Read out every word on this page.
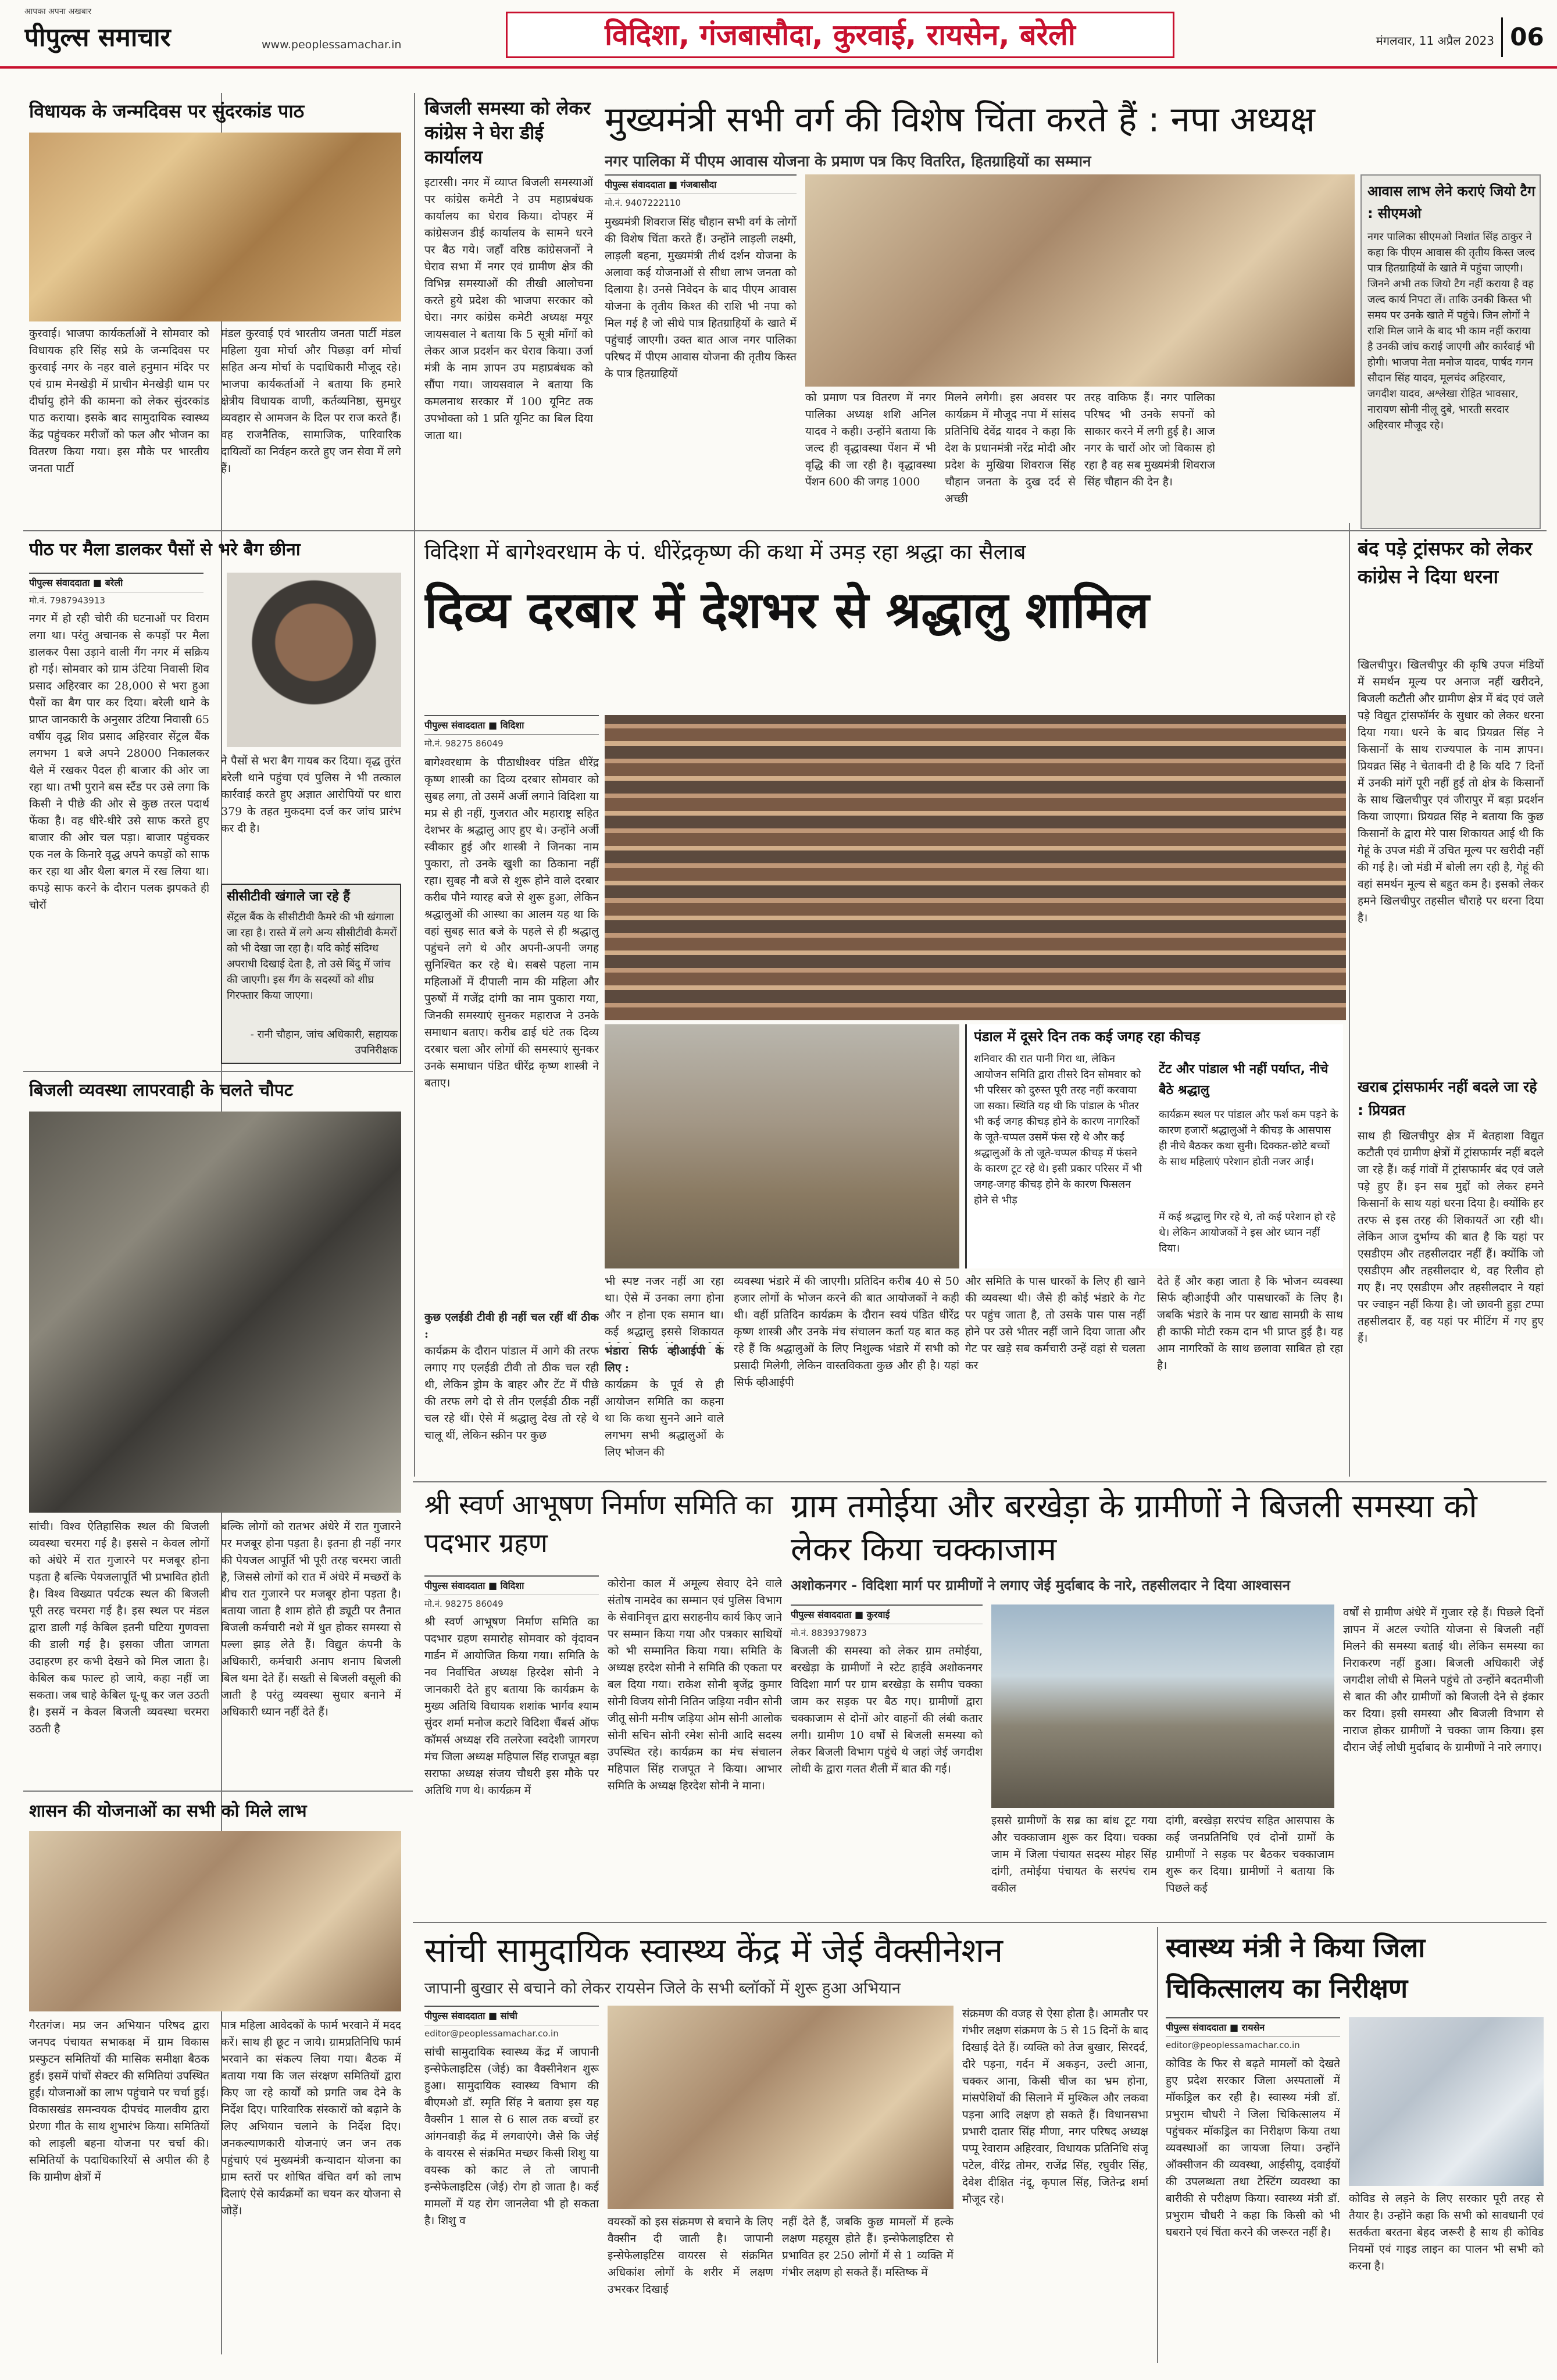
आपका अपना अखबार
पीपुल्स समाचार	www.peoplessamachar.in	विदिशा, गंजबासौदा, कुरवाई, रायसेन, बरेली	मंगलवार, 11 अप्रैल 2023 06
विधायक के जन्मदिवस पर सुंदरकांड पाठ
कुरवाई। भाजपा कार्यकर्ताओं ने सोमवार को विधायक हरि सिंह सप्रे के जन्मदिवस पर कुरवाई नगर के नहर वाले हनुमान मंदिर पर एवं ग्राम मेनखेड़ी में प्राचीन मेनखेड़ी धाम पर दीर्घायु होने की कामना को लेकर सुंदरकांड पाठ कराया। इसके बाद सामुदायिक स्वास्थ्य केंद्र पहुंचकर मरीजों को फल और भोजन का वितरण किया गया। इस मौके पर भारतीय जनता पार्टी
मंडल कुरवाई एवं भारतीय जनता पार्टी मंडल महिला युवा मोर्चा और पिछड़ा वर्ग मोर्चा सहित अन्य मोर्चा के पदाधिकारी मौजूद रहे। भाजपा कार्यकर्ताओं ने बताया कि हमारे क्षेत्रीय विधायक वाणी, कर्तव्यनिष्ठा, सुमधुर व्यवहार से आमजन के दिल पर राज करते हैं। वह राजनैतिक, सामाजिक, पारिवारिक दायित्वों का निर्वहन करते हुए जन सेवा में लगे हैं।
बिजली समस्या को लेकर कांग्रेस ने घेरा डीई कार्यालय
इटारसी। नगर में व्याप्त बिजली समस्याओं पर कांग्रेस कमेटी ने उप महाप्रबंधक कार्यालय का घेराव किया। दोपहर में कांग्रेसजन डीई कार्यालय के सामने धरने पर बैठ गये। जहाँ वरिष्ठ कांग्रेसजनों ने घेराव सभा में नगर एवं ग्रामीण क्षेत्र की विभिन्न समस्याओं की तीखी आलोचना करते हुये प्रदेश की भाजपा सरकार को घेरा। नगर कांग्रेस कमेटी अध्यक्ष मयूर जायसवाल ने बताया कि 5 सूत्री माँगों को लेकर आज प्रदर्शन कर घेराव किया। उर्जा मंत्री के नाम ज्ञापन उप महाप्रबंधक को सौंपा गया। जायसवाल ने बताया कि कमलनाथ सरकार में 100 यूनिट तक उपभोक्ता को 1 प्रति यूनिट का बिल दिया जाता था।
मुख्यमंत्री सभी वर्ग की विशेष चिंता करते हैं : नपा अध्यक्ष
नगर पालिका में पीएम आवास योजना के प्रमाण पत्र किए वितरित, हितग्राहियों का सम्मान
पीपुल्स संवाददाता ■ गंजबासौदा
मो.नं. 9407222110
मुख्यमंत्री शिवराज सिंह चौहान सभी वर्ग के लोगों की विशेष चिंता करते हैं। उन्होंने लाड़ली लक्ष्मी, लाड़ली बहना, मुख्यमंत्री तीर्थ दर्शन योजना के अलावा कई योजनाओं से सीधा लाभ जनता को दिलाया है। उनसे निवेदन के बाद पीएम आवास योजना के तृतीय किश्त की राशि भी नपा को मिल गई है जो सीधे पात्र हितग्राहियों के खाते में पहुंचाई जाएगी। उक्त बात आज नगर पालिका परिषद में पीएम आवास योजना की तृतीय किस्त के पात्र हितग्राहियों
को प्रमाण पत्र वितरण में नगर पालिका अध्यक्ष शशि अनिल यादव ने कही। उन्होंने बताया कि जल्द ही वृद्धावस्था पेंशन में भी वृद्धि की जा रही है। वृद्धावस्था पेंशन 600 की जगह 1000
मिलने लगेगी। इस अवसर पर कार्यक्रम में मौजूद नपा में सांसद प्रतिनिधि देवेंद्र यादव ने कहा कि देश के प्रधानमंत्री नरेंद्र मोदी और प्रदेश के मुखिया शिवराज सिंह चौहान जनता के दुख दर्द से अच्छी
तरह वाकिफ हैं। नगर पालिका परिषद भी उनके सपनों को साकार करने में लगी हुई है। आज नगर के चारों ओर जो विकास हो रहा है वह सब मुख्यमंत्री शिवराज सिंह चौहान की देन है।
आवास लाभ लेने कराएं जियो टैग : सीएमओ
नगर पालिका सीएमओ निशांत सिंह ठाकुर ने कहा कि पीएम आवास की तृतीय किस्त जल्द पात्र हितग्राहियों के खाते में पहुंचा जाएगी। जिनने अभी तक जियो टैग नहीं कराया है वह जल्द कार्य निपटा लें। ताकि उनकी किस्त भी समय पर उनके खाते में पहुंचे। जिन लोगों ने राशि मिल जाने के बाद भी काम नहीं कराया है उनकी जांच कराई जाएगी और कार्रवाई भी होगी। भाजपा नेता मनोज यादव, पार्षद गगन सौदान सिंह यादव, मूलचंद अहिरवार, जगदीश यादव, अश्लेखा रोहित भावसार, नारायण सोनी नीलू दुबे, भारती सरदार अहिरवार मौजूद रहे।
पीठ पर मैला डालकर पैसों से भरे बैग छीना
पीपुल्स संवाददाता ■ बरेली
मो.नं. 7987943913
नगर में हो रही चोरी की घटनाओं पर विराम लगा था। परंतु अचानक से कपड़ों पर मैला डालकर पैसा उड़ाने वाली गैंग नगर में सक्रिय हो गई। सोमवार को ग्राम उंटिया निवासी शिव प्रसाद अहिरवार का 28,000 से भरा हुआ पैसों का बैग पार कर दिया। बरेली थाने के प्राप्त जानकारी के अनुसार उंटिया निवासी 65 वर्षीय वृद्ध शिव प्रसाद अहिरवार सेंट्रल बैंक लगभग 1 बजे अपने 28000 निकालकर थैले में रखकर पैदल ही बाजार की ओर जा रहा था। तभी पुराने बस स्टैंड पर उसे लगा कि किसी ने पीछे की ओर से कुछ तरल पदार्थ फेंका है। वह धीरे-धीरे उसे साफ करते हुए बाजार की ओर चल पड़ा। बाजार पहुंचकर एक नल के किनारे वृद्ध अपने कपड़ों को साफ कर रहा था और थैला बगल में रख लिया था। कपड़े साफ करने के दौरान पलक झपकते ही चोरों
ने पैसों से भरा बैग गायब कर दिया। वृद्ध तुरंत बरेली थाने पहुंचा एवं पुलिस ने भी तत्काल कार्रवाई करते हुए अज्ञात आरोपियों पर धारा 379 के तहत मुकदमा दर्ज कर जांच प्रारंभ कर दी है।
सीसीटीवी खंगाले जा रहे हैं
सेंट्रल बैंक के सीसीटीवी कैमरे की भी खंगाला जा रहा है। रास्ते में लगे अन्य सीसीटीवी कैमरों को भी देखा जा रहा है। यदि कोई संदिग्ध अपराधी दिखाई देता है, तो उसे बिंदु में जांच की जाएगी। इस गैंग के सदस्यों को शीघ्र गिरफ्तार किया जाएगा।
- रानी चौहान, जांच अधिकारी, सहायक उपनिरीक्षक
बिजली व्यवस्था लापरवाही के चलते चौपट
सांची। विश्व ऐतिहासिक स्थल की बिजली व्यवस्था चरमरा गई है। इससे न केवल लोगों को अंधेरे में रात गुजारने पर मजबूर होना पड़ता है बल्कि पेयजलापूर्ति भी प्रभावित होती है। विश्व विख्यात पर्यटक स्थल की बिजली पूरी तरह चरमरा गई है। इस स्थल पर मंडल द्वारा डाली गई केबिल इतनी घटिया गुणवत्ता की डाली गई है। इसका जीता जागता उदाहरण हर कभी देखने को मिल जाता है। केबिल कब फाल्ट हो जाये, कहा नहीं जा सकता। जब चाहे केबिल धू-धू कर जल उठती है। इसमें न केवल बिजली व्यवस्था चरमरा उठती है
बल्कि लोगों को रातभर अंधेरे में रात गुजारने पर मजबूर होना पड़ता है। इतना ही नहीं नगर की पेयजल आपूर्ति भी पूरी तरह चरमरा जाती है, जिससे लोगों को रात में अंधेरे में मच्छरों के बीच रात गुजारने पर मजबूर होना पड़ता है। बताया जाता है शाम होते ही ड्यूटी पर तैनात बिजली कर्मचारी नशे में धुत होकर समस्या से पल्ला झाड़ लेते हैं। विद्युत कंपनी के अधिकारी, कर्मचारी अनाप शनाप बिजली बिल थमा देते हैं। सख्ती से बिजली वसूली की जाती है परंतु व्यवस्था सुधार बनाने में अधिकारी ध्यान नहीं देते हैं।
शासन की योजनाओं का सभी को मिले लाभ
गैरतगंज। मप्र जन अभियान परिषद द्वारा जनपद पंचायत सभाकक्ष में ग्राम विकास प्रस्फुटन समितियों की मासिक समीक्षा बैठक हुई। इसमें पांचों सेक्टर की समितियां उपस्थित हुईं। योजनाओं का लाभ पहुंचाने पर चर्चा हुई। विकासखंड समन्वयक दीपचंद मालवीय द्वारा प्रेरणा गीत के साथ शुभारंभ किया। समितियों को लाड़ली बहना योजना पर चर्चा की। समितियों के पदाधिकारियों से अपील की है कि ग्रामीण क्षेत्रों में
पात्र महिला आवेदकों के फार्म भरवाने में मदद करें। साथ ही छूट न जाये। ग्रामप्रतिनिधि फार्म भरवाने का संकल्प लिया गया। बैठक में बताया गया कि जल संरक्षण समितियों द्वारा किए जा रहे कार्यों को प्रगति जब देने के निर्देश दिए। पारिवारिक संस्कारों को बढ़ाने के लिए अभियान चलाने के निर्देश दिए। जनकल्याणकारी योजनाएं जन जन तक पहुंचाएं एवं मुख्यमंत्री कन्यादान योजना का ग्राम स्तरों पर शोषित वंचित वर्ग को लाभ दिलाएं ऐसे कार्यक्रमों का चयन कर योजना से जोड़ें।
विदिशा में बागेश्वरधाम के पं. धीरेंद्रकृष्ण की कथा में उमड़ रहा श्रद्धा का सैलाब
दिव्य दरबार में देशभर से श्रद्धालु शामिल
पीपुल्स संवाददाता ■ विदिशा
मो.नं. 98275 86049
बागेश्वरधाम के पीठाधीश्वर पंडित धीरेंद्र कृष्ण शास्त्री का दिव्य दरबार सोमवार को सुबह लगा, तो उसमें अर्जी लगाने विदिशा या मप्र से ही नहीं, गुजरात और महाराष्ट्र सहित देशभर के श्रद्धालु आए हुए थे। उन्होंने अर्जी स्वीकार हुई और शास्त्री ने जिनका नाम पुकारा, तो उनके खुशी का ठिकाना नहीं रहा। सुबह नौ बजे से शुरू होने वाले दरबार करीब पौने ग्यारह बजे से शुरू हुआ, लेकिन श्रद्धालुओं की आस्था का आलम यह था कि वहां सुबह सात बजे के पहले से ही श्रद्धालु पहुंचने लगे थे और अपनी-अपनी जगह सुनिश्चित कर रहे थे। सबसे पहला नाम महिलाओं में दीपाली नाम की महिला और पुरुषों में गजेंद्र दांगी का नाम पुकारा गया, जिनकी समस्याएं सुनकर महाराज ने उनके समाधान बताए। करीब ढाई घंटे तक दिव्य दरबार चला और लोगों की समस्याएं सुनकर उनके समाधान पंडित धीरेंद्र कृष्ण शास्त्री ने बताए।
कुछ एलईडी टीवी ही नहीं चल रहीं थीं ठीक :
कार्यक्रम के दौरान पांडाल में आगे की तरफ लगाए गए एलईडी टीवी तो ठीक चल रही थी, लेकिन ड्रोम के बाहर और टेंट में पीछे की तरफ लगे दो से तीन एलईडी ठीक नहीं चल रहे थीं। ऐसे में श्रद्धालु देख तो रहे थे चालू थीं, लेकिन स्क्रीन पर कुछ
भी स्पष्ट नजर नहीं आ रहा था। ऐसे में उनका लगा होना और न होना एक समान था। कई श्रद्धालु इससे शिकायत
भंडारा सिर्फ व्हीआईपी के लिए :
कार्यक्रम के पूर्व से ही आयोजन समिति का कहना था कि कथा सुनने आने वाले लगभग सभी श्रद्धालुओं के लिए भोजन की
व्यवस्था भंडारे में की जाएगी। प्रतिदिन करीब 40 से 50 हजार लोगों के भोजन करने की बात आयोजकों ने कही थी। वहीं प्रतिदिन कार्यक्रम के दौरान स्वयं पंडित धीरेंद्र कृष्ण शास्त्री और उनके मंच संचालन कर्ता यह बात कह रहे हैं कि श्रद्धालुओं के लिए निशुल्क भंडारे में सभी को प्रसादी मिलेगी, लेकिन वास्तविकता कुछ और ही है। यहां सिर्फ व्हीआईपी
और समिति के पास धारकों के लिए ही खाने की व्यवस्था थी। जैसे ही कोई भंडारे के गेट पर पहुंच जाता है, तो उसके पास पास नहीं होने पर उसे भीतर नहीं जाने दिया जाता और गेट पर खड़े सब कर्मचारी उन्हें वहां से चलता कर
देते हैं और कहा जाता है कि भोजन व्यवस्था सिर्फ व्हीआईपी और पासधारकों के लिए है। जबकि भंडारे के नाम पर खाद्य सामग्री के साथ ही काफी मोटी रकम दान भी प्राप्त हुई है। यह आम नागरिकों के साथ छलावा साबित हो रहा है।
पंडाल में दूसरे दिन तक कई जगह रहा कीचड़
शनिवार की रात पानी गिरा था, लेकिन आयोजन समिति द्वारा तीसरे दिन सोमवार को भी परिसर को दुरुस्त पूरी तरह नहीं करवाया जा सका। स्थिति यह थी कि पांडाल के भीतर भी कई जगह कीचड़ होने के कारण नागरिकों के जूते-चप्पल उसमें फंस रहे थे और कई श्रद्धालुओं के तो जूते-चप्पल कीचड़ में फंसने के कारण टूट रहे थे। इसी प्रकार परिसर में भी जगह-जगह कीचड़ होने के कारण फिसलन होने से भीड़
टेंट और पांडाल भी नहीं पर्याप्त, नीचे बैठे श्रद्धालु
कार्यक्रम स्थल पर पांडाल और फर्श कम पड़ने के कारण हजारों श्रद्धालुओं ने कीचड़ के आसपास ही नीचे बैठकर कथा सुनी। दिक्कत-छोटे बच्चों के साथ महिलाएं परेशान होती नजर आईं।
में कई श्रद्धालु गिर रहे थे, तो कई परेशान हो रहे थे। लेकिन आयोजकों ने इस ओर ध्यान नहीं दिया।
बंद पड़े ट्रांसफर को लेकर कांग्रेस ने दिया धरना
खिलचीपुर। खिलचीपुर की कृषि उपज मंडियों में समर्थन मूल्य पर अनाज नहीं खरीदने, बिजली कटौती और ग्रामीण क्षेत्र में बंद एवं जले पड़े विद्युत ट्रांसफॉर्मर के सुधार को लेकर धरना दिया गया। धरने के बाद प्रियव्रत सिंह ने किसानों के साथ राज्यपाल के नाम ज्ञापन। प्रियव्रत सिंह ने चेतावनी दी है कि यदि 7 दिनों में उनकी मांगें पूरी नहीं हुई तो क्षेत्र के किसानों के साथ खिलचीपुर एवं जीरापुर में बड़ा प्रदर्शन किया जाएगा। प्रियव्रत सिंह ने बताया कि कुछ किसानों के द्वारा मेरे पास शिकायत आई थी कि गेहूं के उपज मंडी में उचित मूल्य पर खरीदी नहीं की गई है। जो मंडी में बोली लग रही है, गेहूं की वहां समर्थन मूल्य से बहुत कम है। इसको लेकर हमने खिलचीपुर तहसील चौराहे पर धरना दिया है।
खराब ट्रांसफार्मर नहीं बदले जा रहे : प्रियव्रत
साथ ही खिलचीपुर क्षेत्र में बेतहाशा विद्युत कटौती एवं ग्रामीण क्षेत्रों में ट्रांसफार्मर नहीं बदले जा रहे हैं। कई गांवों में ट्रांसफार्मर बंद एवं जले पड़े हुए हैं। इन सब मुद्दों को लेकर हमने किसानों के साथ यहां धरना दिया है। क्योंकि हर तरफ से इस तरह की शिकायतें आ रही थी। लेकिन आज दुर्भाग्य की बात है कि यहां पर एसडीएम और तहसीलदार नहीं हैं। क्योंकि जो एसडीएम और तहसीलदार थे, वह रिलीव हो गए हैं। नए एसडीएम और तहसीलदार ने यहां पर ज्वाइन नहीं किया है। जो छावनी हुड़ा टप्पा तहसीलदार हैं, वह यहां पर मीटिंग में गए हुए हैं।
श्री स्वर्ण आभूषण निर्माण समिति का पदभार ग्रहण
पीपुल्स संवाददाता ■ विदिशा
मो.नं. 98275 86049
श्री स्वर्ण आभूषण निर्माण समिति का पदभार ग्रहण समारोह सोमवार को वृंदावन गार्डन में आयोजित किया गया। समिति के नव निर्वाचित अध्यक्ष हिरदेश सोनी ने जानकारी देते हुए बताया कि कार्यक्रम के मुख्य अतिथि विधायक शशांक भार्गव श्याम सुंदर शर्मा मनोज कटारे विदिशा चैंबर्स ऑफ कॉमर्स अध्यक्ष रवि तलरेजा स्वदेशी जागरण मंच जिला अध्यक्ष महिपाल सिंह राजपूत बड़ा सराफा अध्यक्ष संजय चौधरी इस मौके पर अतिथि गण थे। कार्यक्रम में
कोरोना काल में अमूल्य सेवाए देने वाले संतोष नामदेव का सम्मान एवं पुलिस विभाग के सेवानिवृत्त द्वारा सराहनीय कार्य किए जाने पर सम्मान किया गया और पत्रकार साथियों को भी सम्मानित किया गया। समिति के अध्यक्ष हरदेश सोनी ने समिति की एकता पर बल दिया गया। राकेश सोनी बृजेंद्र कुमार सोनी विजय सोनी नितिन जड़िया नवीन सोनी जीतू सोनी मनीष जड़िया ओम सोनी आलोक सोनी सचिन सोनी रमेश सोनी आदि सदस्य उपस्थित रहे। कार्यक्रम का मंच संचालन महिपाल सिंह राजपूत ने किया। आभार समिति के अध्यक्ष हिरदेश सोनी ने माना।
ग्राम तमोईया और बरखेड़ा के ग्रामीणों ने बिजली समस्या को लेकर किया चक्काजाम
अशोकनगर - विदिशा मार्ग पर ग्रामीणों ने लगाए जेई मुर्दाबाद के नारे, तहसीलदार ने दिया आश्वासन
पीपुल्स संवाददाता ■ कुरवाई
मो.नं. 8839379873
बिजली की समस्या को लेकर ग्राम तमोईया, बरखेड़ा के ग्रामीणों ने स्टेट हाईवे अशोकनगर विदिशा मार्ग पर ग्राम बरखेड़ा के समीप चक्का जाम कर सड़क पर बैठ गए। ग्रामीणों द्वारा चक्काजाम से दोनों ओर वाहनों की लंबी कतार लगी। ग्रामीण 10 वर्षों से बिजली समस्या को लेकर बिजली विभाग पहुंचे थे जहां जेई जगदीश लोधी के द्वारा गलत शैली में बात की गई।
इससे ग्रामीणों के सब्र का बांध टूट गया और चक्काजाम शुरू कर दिया। चक्का जाम में जिला पंचायत सदस्य मोहर सिंह दांगी, तमोईया पंचायत के सरपंच राम वकील
दांगी, बरखेड़ा सरपंच सहित आसपास के कई जनप्रतिनिधि एवं दोनों ग्रामों के ग्रामीणों ने सड़क पर बैठकर चक्काजाम शुरू कर दिया। ग्रामीणों ने बताया कि पिछले कई
वर्षों से ग्रामीण अंधेरे में गुजार रहे हैं। पिछले दिनों ज्ञापन में अटल ज्योति योजना से बिजली नहीं मिलने की समस्या बताई थी। लेकिन समस्या का निराकरण नहीं हुआ। बिजली अधिकारी जेई जगदीश लोधी से मिलने पहुंचे तो उन्होंने बदतमीजी से बात की और ग्रामीणों को बिजली देने से इंकार कर दिया। इसी समस्या और बिजली विभाग से नाराज होकर ग्रामीणों ने चक्का जाम किया। इस दौरान जेई लोधी मुर्दाबाद के ग्रामीणों ने नारे लगाए।
सांची सामुदायिक स्वास्थ्य केंद्र में जेई वैक्सीनेशन
जापानी बुखार से बचाने को लेकर रायसेन जिले के सभी ब्लॉकों में शुरू हुआ अभियान
पीपुल्स संवाददाता ■ सांची
editor@peoplessamachar.co.in
सांची सामुदायिक स्वास्थ्य केंद्र में जापानी इन्सेफेलाइटिस (जेई) का वैक्सीनेशन शुरू हुआ। सामुदायिक स्वास्थ्य विभाग की बीएमओ डॉ. स्मृति सिंह ने बताया इस यह वैक्सीन 1 साल से 6 साल तक बच्चों हर आंगनवाड़ी केंद्र में लगवाएंगे। जैसे कि जेई के वायरस से संक्रमित मच्छर किसी शिशु या वयस्क को काट ले तो जापानी इन्सेफेलाइटिस (जेई) रोग हो जाता है। कई मामलों में यह रोग जानलेवा भी हो सकता है। शिशु व	वयस्कों को इस संक्रमण से बचाने के लिए वैक्सीन दी जाती है। जापानी इन्सेफेलाइटिस वायरस से संक्रमित अधिकांश लोगों के शरीर में लक्षण उभरकर दिखाई
नहीं देते हैं, जबकि कुछ मामलों में हल्के लक्षण महसूस होते हैं। इन्सेफेलाइटिस से प्रभावित हर 250 लोगों में से 1 व्यक्ति में गंभीर लक्षण हो सकते हैं। मस्तिष्क में
संक्रमण की वजह से ऐसा होता है। आमतौर पर गंभीर लक्षण संक्रमण के 5 से 15 दिनों के बाद दिखाई देते हैं। व्यक्ति को तेज बुखार, सिरदर्द, दौरे पड़ना, गर्दन में अकड़न, उल्टी आना, चक्कर आना, किसी चीज का भ्रम होना, मांसपेशियों की सिलाने में मुश्किल और लकवा पड़ना आदि लक्षण हो सकते हैं। विधानसभा प्रभारी दातार सिंह मीणा, नगर परिषद अध्यक्ष पप्पू रेवाराम अहिरवार, विधायक प्रतिनिधि संजू पटेल, वीरेंद्र तोमर, राजेंद्र सिंह, रघुवीर सिंह, देवेश दीक्षित नंदू, कृपाल सिंह, जितेन्द्र शर्मा मौजूद रहे।
स्वास्थ्य मंत्री ने किया जिला चिकित्सालय का निरीक्षण
पीपुल्स संवाददाता ■ रायसेन
editor@peoplessamachar.co.in
कोविड के फिर से बढ़ते मामलों को देखते हुए प्रदेश सरकार जिला अस्पतालों में मॉकड्रिल कर रही है। स्वास्थ्य मंत्री डॉ. प्रभुराम चौधरी ने जिला चिकित्सालय में पहुंचकर मॉकड्रिल का निरीक्षण किया तथा व्यवस्थाओं का जायजा लिया। उन्होंने ऑक्सीजन की व्यवस्था, आईसीयू, दवाईयों की उपलब्धता तथा टेस्टिंग व्यवस्था का बारीकी से परीक्षण किया। स्वास्थ्य मंत्री डॉ. प्रभुराम चौधरी ने कहा कि किसी को भी घबराने एवं चिंता करने की जरूरत नहीं है।
कोविड से लड़ने के लिए सरकार पूरी तरह से तैयार है। उन्होंने कहा कि सभी को सावधानी एवं सतर्कता बरतना बेहद जरूरी है साथ ही कोविड नियमों एवं गाइड लाइन का पालन भी सभी को करना है।
